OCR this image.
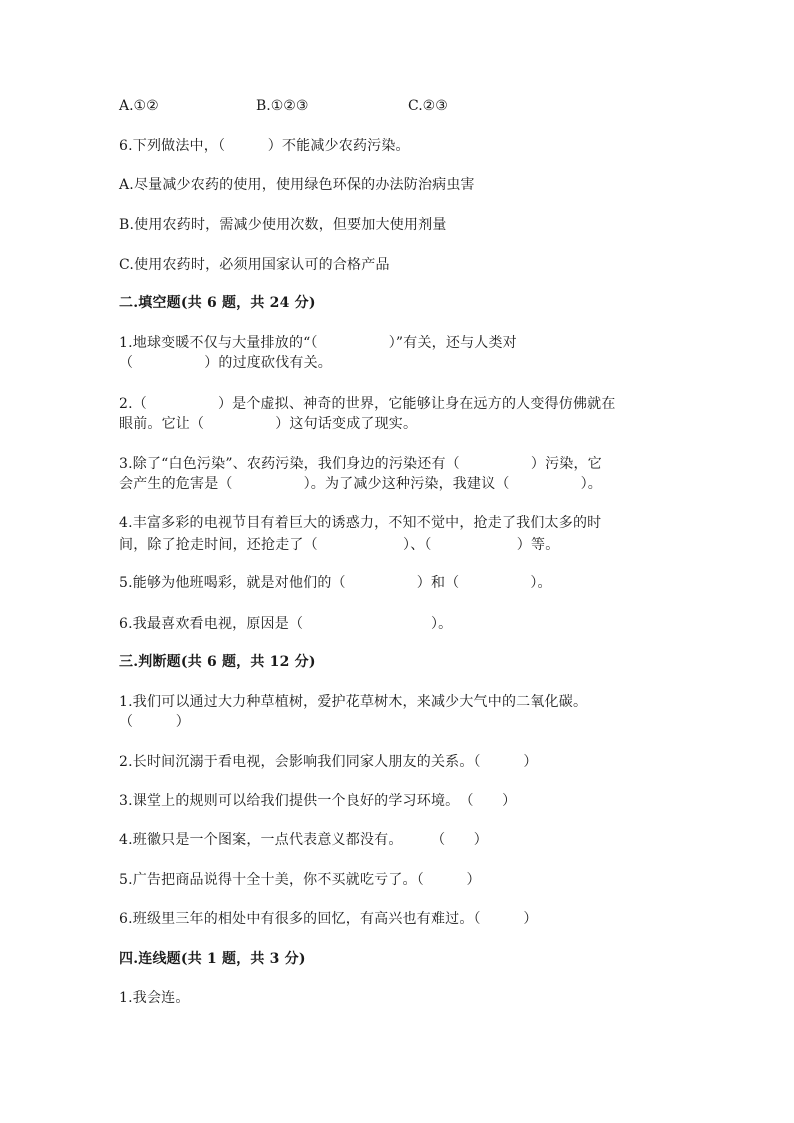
A.①②	B.①②③	C.②③
6.下列做法中，（　　　）不能减少农药污染。
A.尽量减少农药的使用，使用绿色环保的办法防治病虫害
B.使用农药时，需减少使用次数，但要加大使用剂量
C.使用农药时，必须用国家认可的合格产品
二.填空题(共 6 题，共 24 分)
1.地球变暖不仅与大量排放的“（　　　　　）”有关，还与人类对
（　　　　　）的过度砍伐有关。
2.（　　　　　）是个虚拟、神奇的世界，它能够让身在远方的人变得仿佛就在
眼前。它让（　　　　　）这句话变成了现实。
3.除了“白色污染”、农药污染，我们身边的污染还有（　　　　　）污染，它
会产生的危害是（　　　　　）。为了减少这种污染，我建议（　　　　　）。
4.丰富多彩的电视节目有着巨大的诱惑力，不知不觉中，抢走了我们太多的时
间，除了抢走时间，还抢走了（　　　　　　）、（　　　　　　）等。
5.能够为他班喝彩，就是对他们的（　　　　　）和（　　　　　）。
6.我最喜欢看电视，原因是（　　　　　　　　　）。
三.判断题(共 6 题，共 12 分)
1.我们可以通过大力种草植树，爱护花草树木，来减少大气中的二氧化碳。
（　　　）
2.长时间沉溺于看电视，会影响我们同家人朋友的关系。（　　　）
3.课堂上的规则可以给我们提供一个良好的学习环境。　（　　）
4.班徽只是一个图案，一点代表意义都没有。　　　（　　）
5.广告把商品说得十全十美，你不买就吃亏了。（　　　）
6.班级里三年的相处中有很多的回忆，有高兴也有难过。（　　　）
四.连线题(共 1 题，共 3 分)
1.我会连。
